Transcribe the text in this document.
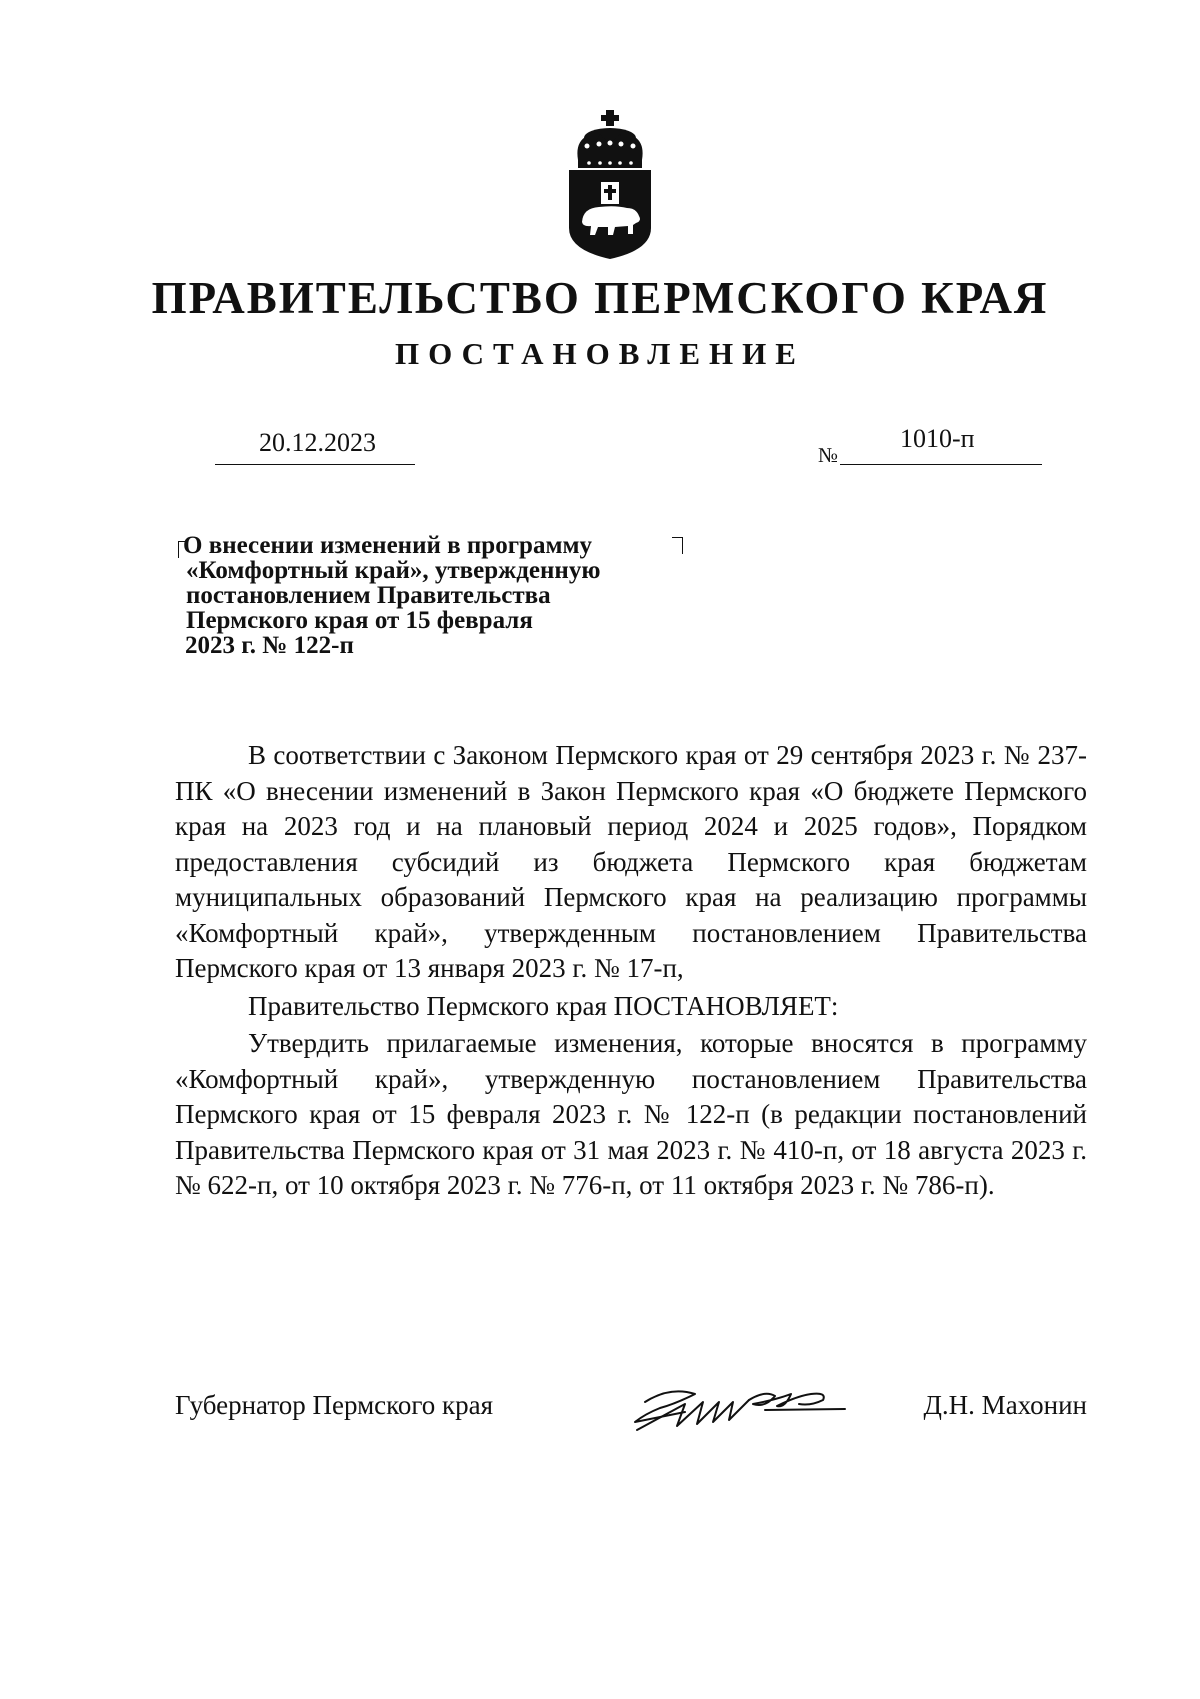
ПРАВИТЕЛЬСТВО ПЕРМСКОГО КРАЯ
ПОСТАНОВЛЕНИЕ
20.12.2023	№
1010-п
О внесении изменений в программу
«Комфортный край», утвержденную
постановлением Правительства
Пермского края от 15 февраля
2023 г. № 122-п

В соответствии с Законом Пермского края от 29 сентября 2023 г. № 237-ПК «О внесении изменений в Закон Пермского края «О бюджете Пермского края на 2023 год и на плановый период 2024 и 2025 годов», Порядком предоставления субсидий из бюджета Пермского края бюджетам муниципальных образований Пермского края на реализацию программы «Комфортный край», утвержденным постановлением Правительства Пермского края от 13 января 2023 г. № 17-п,

Правительство Пермского края ПОСТАНОВЛЯЕТ:

Утвердить прилагаемые изменения, которые вносятся в программу «Комфортный край», утвержденную постановлением Правительства Пермского края от 15 февраля 2023 г. № 122-п (в редакции постановлений Правительства Пермского края от 31 мая 2023 г. № 410-п, от 18 августа 2023 г. № 622-п, от 10 октября 2023 г. № 776-п, от 11 октября 2023 г. № 786-п).

Губернатор Пермского края	Д.Н. Махонин
